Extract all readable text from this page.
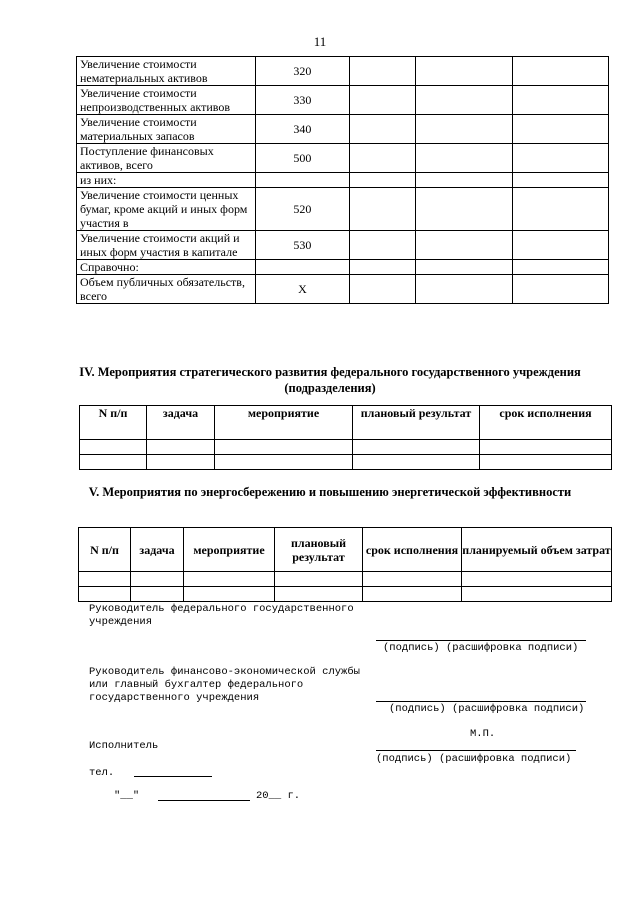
11
Увеличение стоимости нематериальных активов	320			
Увеличение стоимости непроизводственных активов	330			
Увеличение стоимости материальных запасов	340			
Поступление финансовых активов, всего	500			
из них:				
Увеличение стоимости ценных бумаг, кроме акций и иных форм участия в	520			
Увеличение стоимости акций и иных форм участия в капитале	530			
Справочно:				
Объем публичных обязательств, всего	X			
IV. Мероприятия стратегического развития федерального государственного учреждения (подразделения)
N п/п	задача	мероприятие	плановый результат	срок исполнения

V. Мероприятия по энергосбережению и повышению энергетической эффективности
N п/п	задача	мероприятие	плановый результат	срок исполнения	планируемый объем затрат

Руководитель федерального государственного
учреждения
(подпись) (расшифровка подписи)
Руководитель финансово-экономической службы
или главный бухгалтер федерального
государственного учреждения
(подпись) (расшифровка подписи)
М.П.
Исполнитель
(подпись) (расшифровка подписи)
тел.
"__"	20__ г.
